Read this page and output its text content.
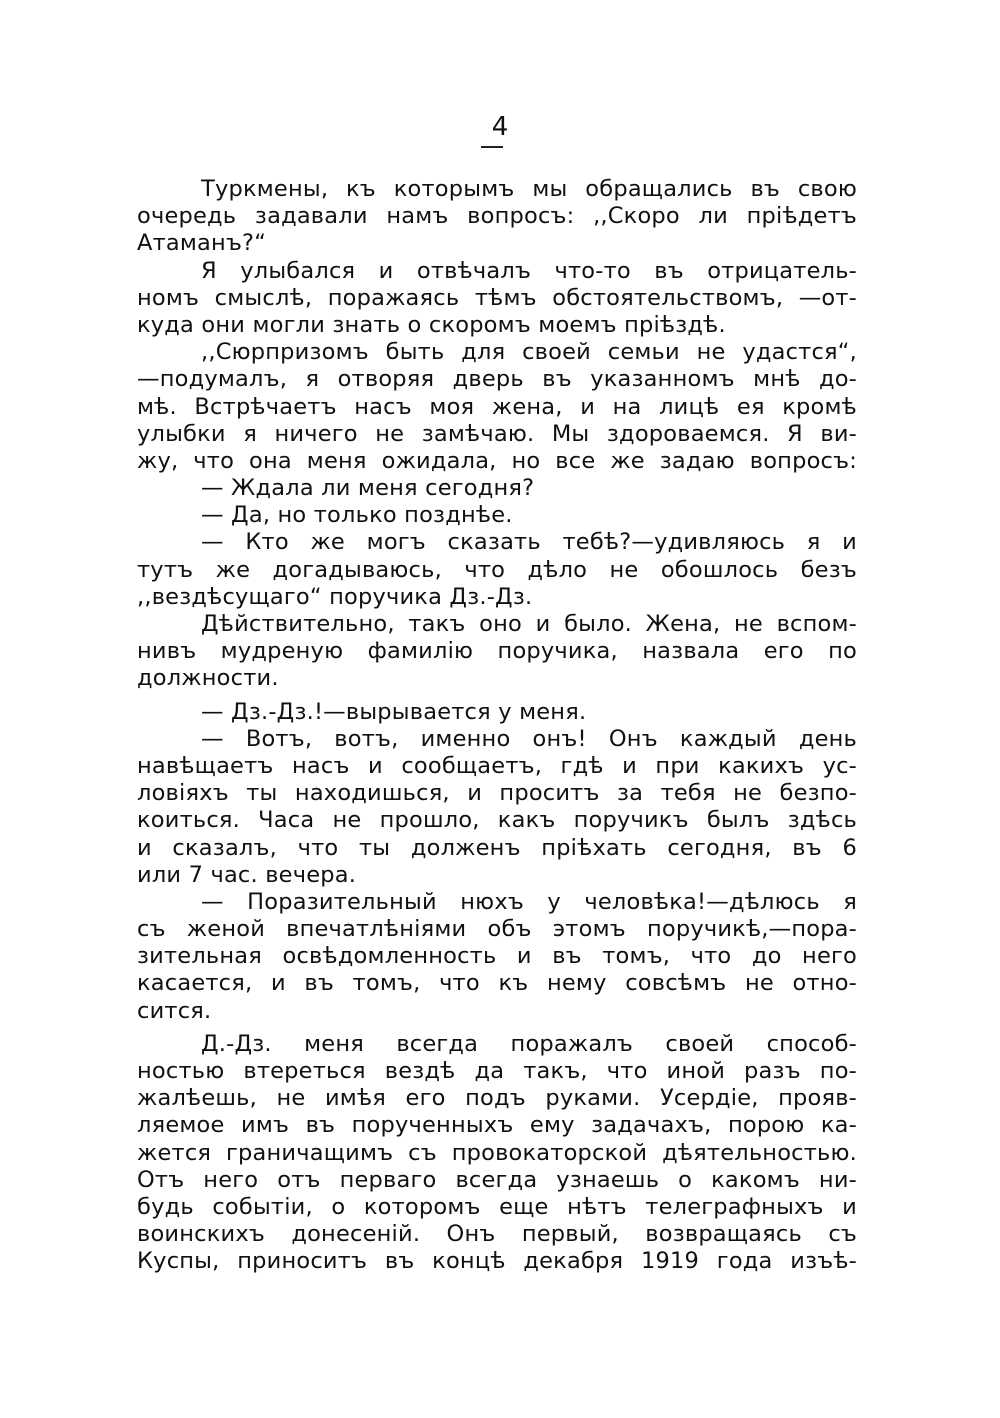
4
Туркмены, къ которымъ мы обращались въ свою
очередь задавали намъ вопросъ: ,,Скоро ли пріѣдетъ
Атаманъ?“
Я улыбался и отвѣчалъ что-то въ отрицатель-
номъ смыслѣ, поражаясь тѣмъ обстоятельствомъ, —от-
куда они могли знать о скоромъ моемъ пріѣздѣ.
,,Сюрпризомъ быть для своей семьи не удастся“,
—подумалъ, я отворяя дверь въ указанномъ мнѣ до-
мѣ. Встрѣчаетъ насъ моя жена, и на лицѣ ея кромѣ
улыбки я ничего не замѣчаю. Мы здороваемся. Я ви-
жу, что она меня ожидала, но все же задаю вопросъ:
— Ждала ли меня сегодня?
— Да, но только позднѣе.
— Кто же могъ сказать тебѣ?—удивляюсь я и
тутъ же догадываюсь, что дѣло не обошлось безъ
,,вездѣсущаго“ поручика Дз.-Дз.
Дѣйствительно, такъ оно и было. Жена, не вспом-
нивъ мудреную фамилію поручика, назвала его по
должности.
— Дз.-Дз.!—вырывается у меня.
— Вотъ, вотъ, именно онъ! Онъ каждый день
навѣщаетъ насъ и сообщаетъ, гдѣ и при какихъ ус-
ловіяхъ ты находишься, и проситъ за тебя не безпо-
коиться. Часа не прошло, какъ поручикъ былъ здѣсь
и сказалъ, что ты долженъ пріѣхать сегодня, въ 6
или 7 час. вечера.
— Поразительный нюхъ у человѣка!—дѣлюсь я
съ женой впечатлѣніями объ этомъ поручикѣ,—пора-
зительная освѣдомленность и въ томъ, что до него
касается, и въ томъ, что къ нему совсѣмъ не отно-
сится.
Д.-Дз. меня всегда поражалъ своей способ-
ностью втереться вездѣ да такъ, что иной разъ по-
жалѣешь, не имѣя его подъ руками. Усердіе, прояв-
ляемое имъ въ порученныхъ ему задачахъ, порою ка-
жется граничащимъ съ провокаторской дѣятельностью.
Отъ него отъ перваго всегда узнаешь о какомъ ни-
будь событіи, о которомъ еще нѣтъ телеграфныхъ и
воинскихъ донесеній. Онъ первый, возвращаясь съ
Куспы, приноситъ въ концѣ декабря 1919 года изъѣ-
